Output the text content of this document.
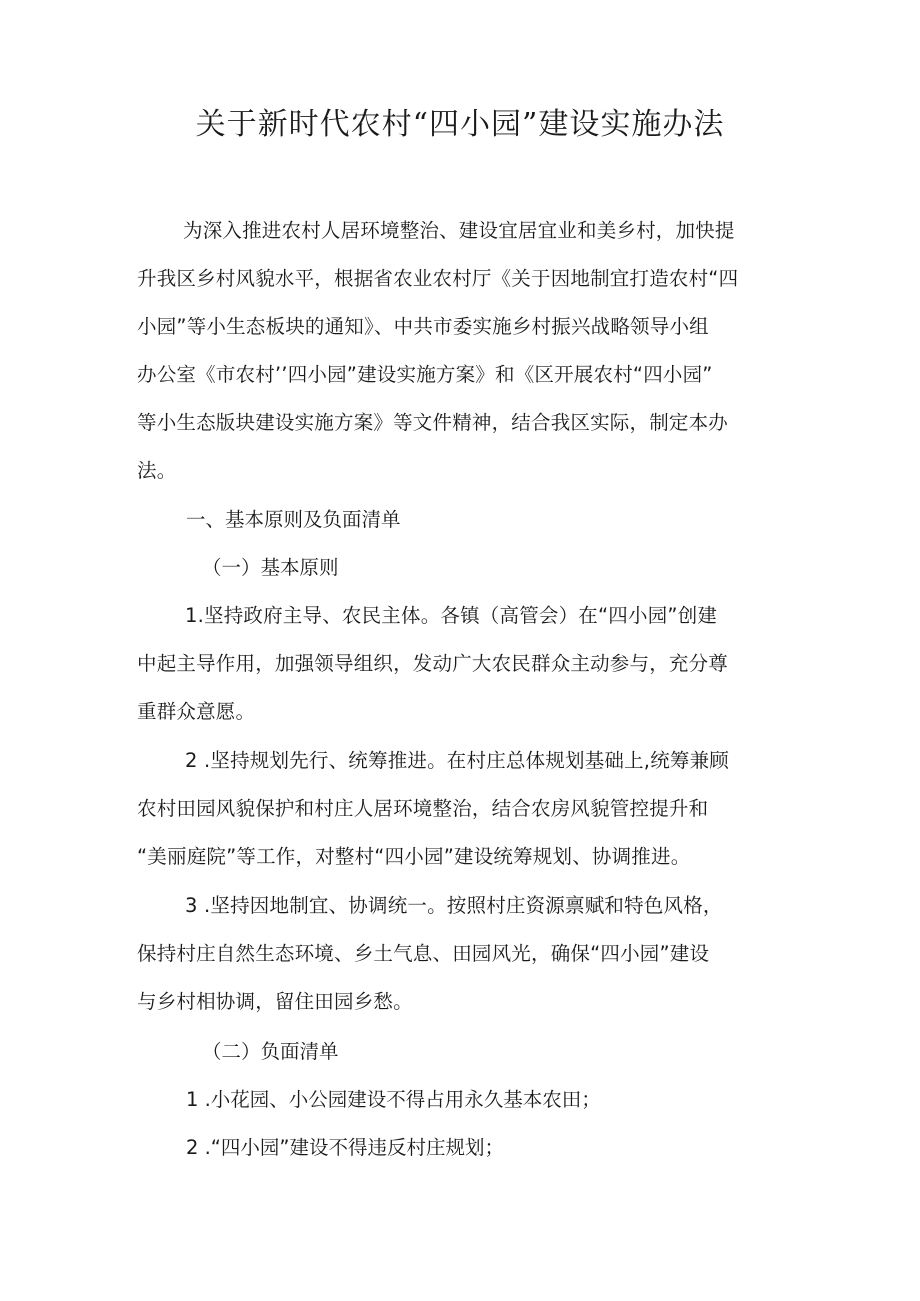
关于新时代农村“四小园”建设实施办法
为深入推进农村人居环境整治、建设宜居宜业和美乡村，加快提
升我区乡村风貌水平，根据省农业农村厅《关于因地制宜打造农村“四
小园”等小生态板块的通知》、中共市委实施乡村振兴战略领导小组
办公室《市农村’’四小园”建设实施方案》和《区开展农村“四小园”
等小生态版块建设实施方案》等文件精神，结合我区实际，制定本办
法。
一、基本原则及负面清单
（一）基本原则
1.坚持政府主导、农民主体。各镇（高管会）在“四小园”创建
中起主导作用，加强领导组织，发动广大农民群众主动参与，充分尊
重群众意愿。
2 .坚持规划先行、统筹推进。在村庄总体规划基础上,统筹兼顾
农村田园风貌保护和村庄人居环境整治，结合农房风貌管控提升和
“美丽庭院”等工作，对整村“四小园”建设统筹规划、协调推进。
3 .坚持因地制宜、协调统一。按照村庄资源禀赋和特色风格，
保持村庄自然生态环境、乡土气息、田园风光，确保“四小园”建设
与乡村相协调，留住田园乡愁。
（二）负面清单
1 .小花园、小公园建设不得占用永久基本农田；
2 .“四小园”建设不得违反村庄规划；
